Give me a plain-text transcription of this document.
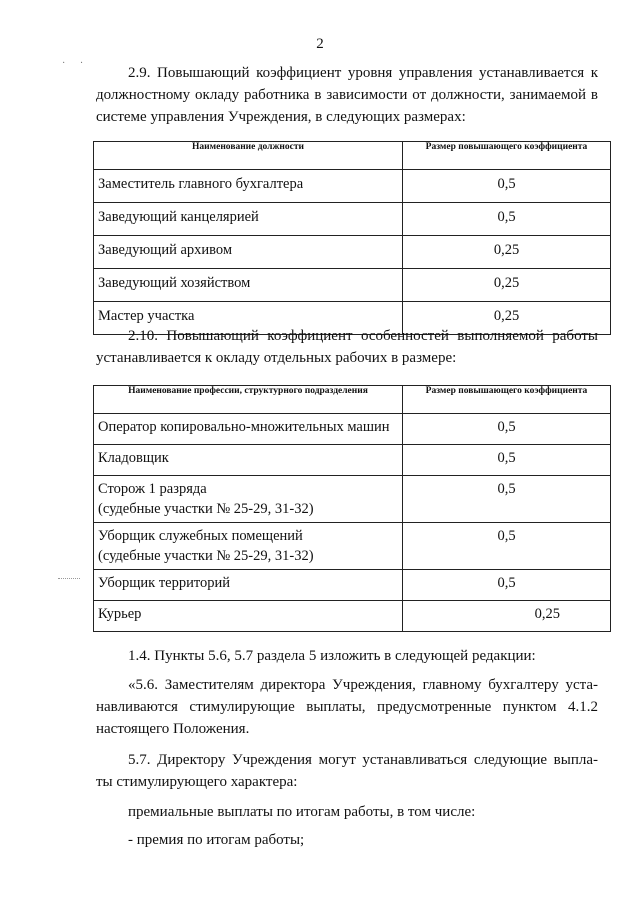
2
· ·
2.9. Повышающий коэффициент уровня управления устанавливается к
должностному окладу работника в зависимости от должности, занимаемой в
системе управления Учреждения, в следующих размерах:
Наименование должности	Размер повышающего коэффициента
Заместитель главного бухгалтера	0,5
Заведующий канцелярией	0,5
Заведующий архивом	0,25
Заведующий хозяйством	0,25
Мастер участка	0,25
2.10. Повышающий коэффициент особенностей выполняемой работы
устанавливается к окладу отдельных рабочих в размере:
Наименование профессии, структурного подразделения	Размер повышающего коэффициента
Оператор копировально-множительных машин	0,5
Кладовщик	0,5

Сторож 1 разряда
(судебные участки № 25-29, 31-32)	0,5

Уборщик служебных помещений
(судебные участки № 25-29, 31-32)	0,5
Уборщик территорий	0,5
Курьер	0,25
1.4. Пункты 5.6, 5.7 раздела 5 изложить в следующей редакции:
«5.6. Заместителям директора Учреждения, главному бухгалтеру уста-
навливаются стимулирующие выплаты, предусмотренные пунктом 4.1.2
настоящего Положения.
5.7. Директору Учреждения могут устанавливаться следующие выпла-
ты стимулирующего характера:
премиальные выплаты по итогам работы, в том числе:
- премия по итогам работы;
